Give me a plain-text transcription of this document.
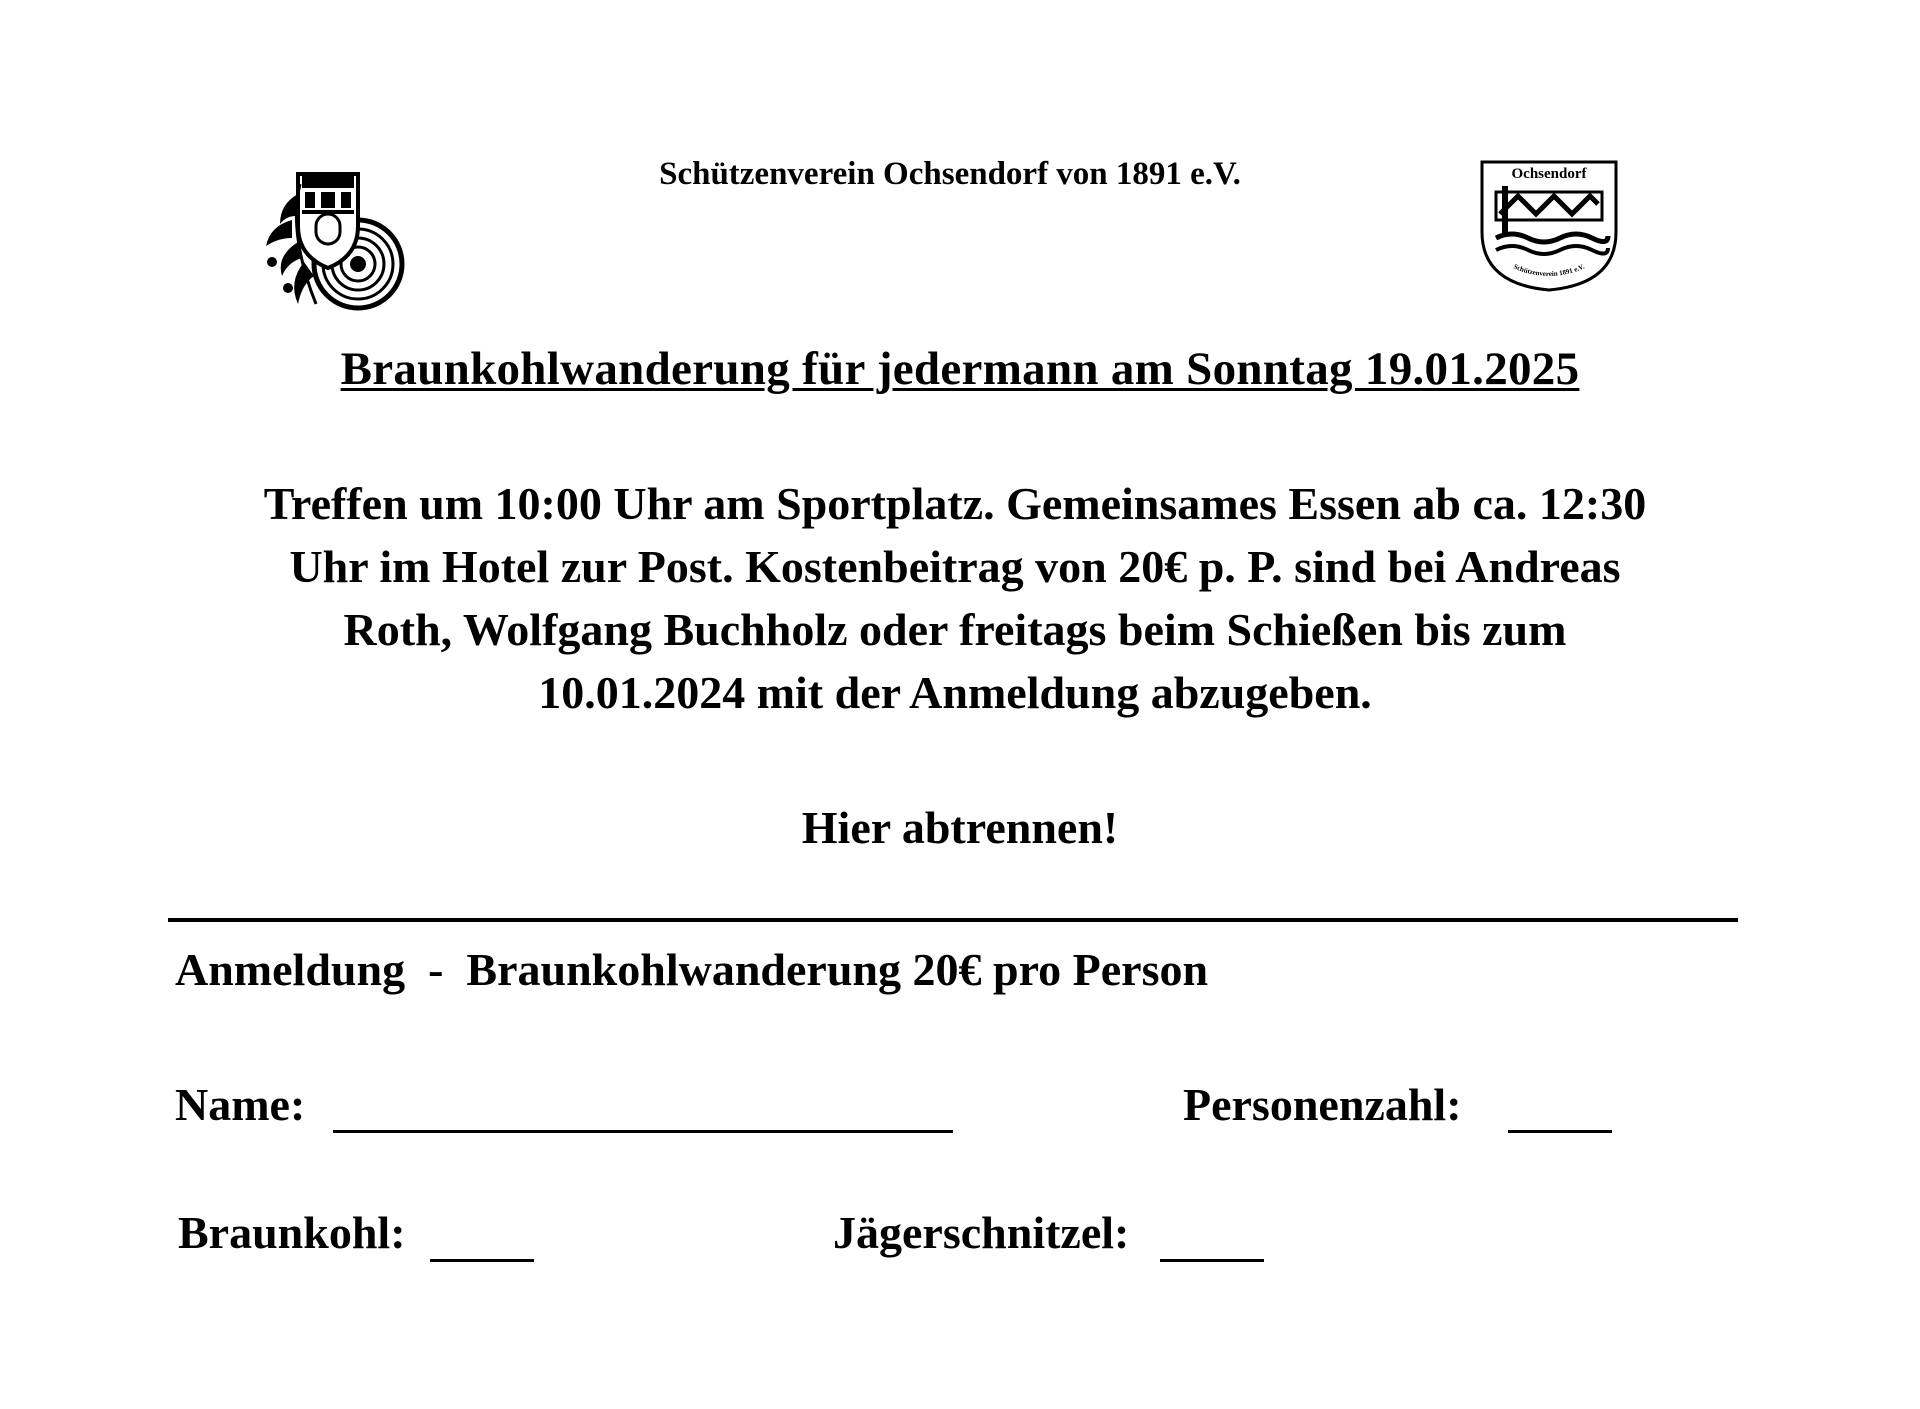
Schützenverein Ochsendorf von 1891 e.V.	Ochsendorf
Schützenverein 1891 e.V.
Braunkohlwanderung für jedermann am Sonntag 19.01.2025
Treffen um 10:00 Uhr am Sportplatz. Gemeinsames Essen ab ca. 12:30
Uhr im Hotel zur Post. Kostenbeitrag von 20€ p. P. sind bei Andreas
Roth, Wolfgang Buchholz oder freitags beim Schießen bis zum
10.01.2024 mit der Anmeldung abzugeben.
Hier abtrennen!
Anmeldung  -  Braunkohlwanderung 20€ pro Person
Name:	Personenzahl:
Braunkohl:	Jägerschnitzel:
